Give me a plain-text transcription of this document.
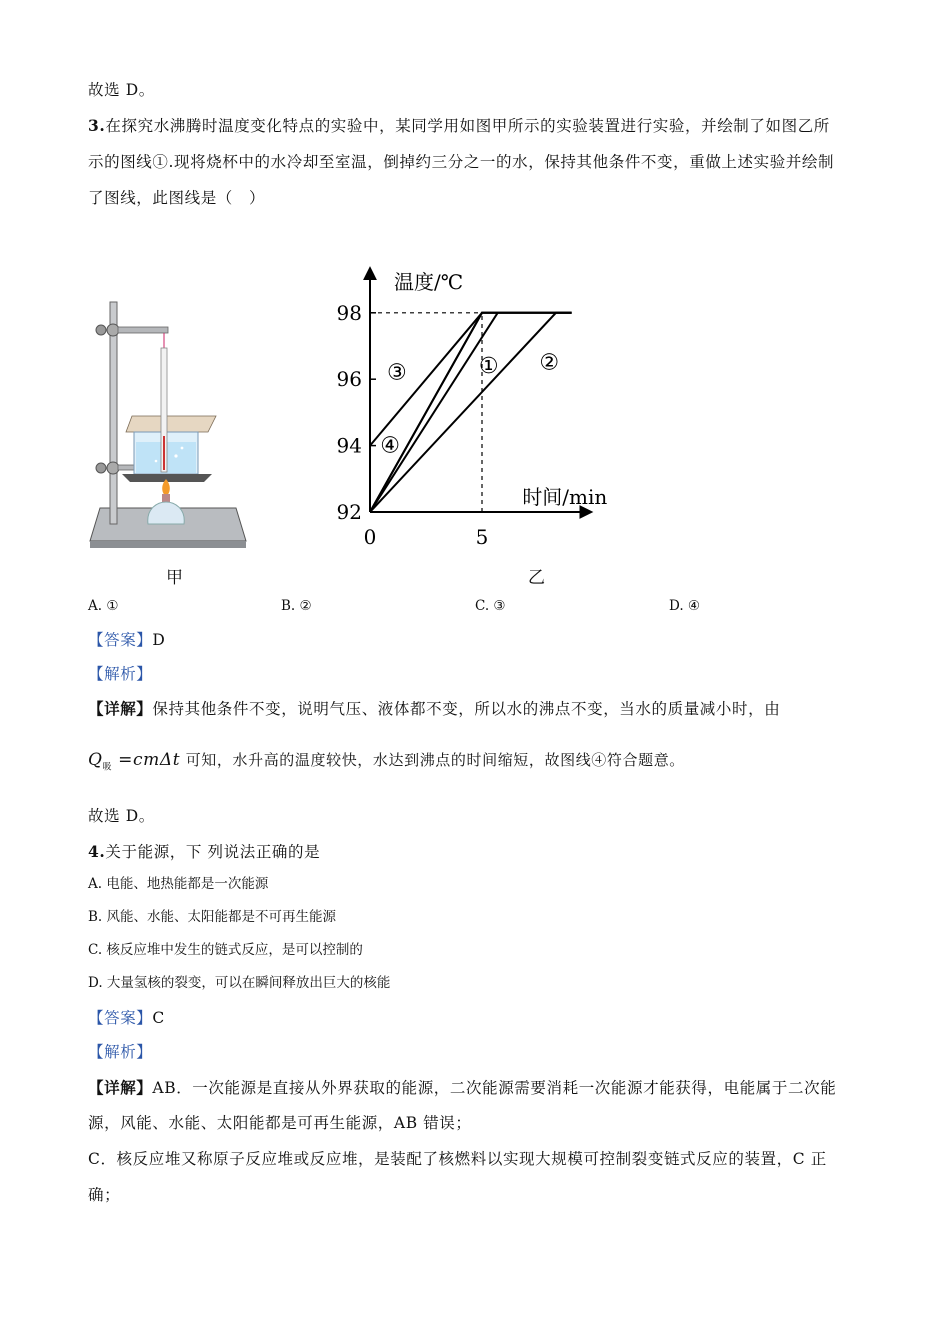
故选 D。
3.在探究水沸腾时温度变化特点的实验中，某同学用如图甲所示的实验装置进行实验，并绘制了如图乙所
示的图线①.现将烧杯中的水冷却至室温，倒掉约三分之一的水，保持其他条件不变，重做上述实验并绘制
了图线，此图线是（　）
甲
92
94
96
98
0	5
温度/℃
时间/min
① ②
③
④
乙
A. ①	B. ②	C. ③	D. ④
【答案】D
【解析】
【详解】保持其他条件不变，说明气压、液体都不变，所以水的沸点不变，当水的质量减小时，由
$Q_吸 =cm\Delta t$ 可知，水升高的温度较快，水达到沸点的时间缩短，故图线④符合题意。
故选 D。
4.关于能源，下 列说法正确的是
A. 电能、地热能都是一次能源
B. 风能、水能、太阳能都是不可再生能源
C. 核反应堆中发生的链式反应，是可以控制的
D. 大量氢核的裂变，可以在瞬间释放出巨大的核能
【答案】C
【解析】
【详解】AB．一次能源是直接从外界获取的能源，二次能源需要消耗一次能源才能获得，电能属于二次能
源，风能、水能、太阳能都是可再生能源，AB 错误；
C．核反应堆又称原子反应堆或反应堆，是装配了核燃料以实现大规模可控制裂变链式反应的装置，C 正
确；
